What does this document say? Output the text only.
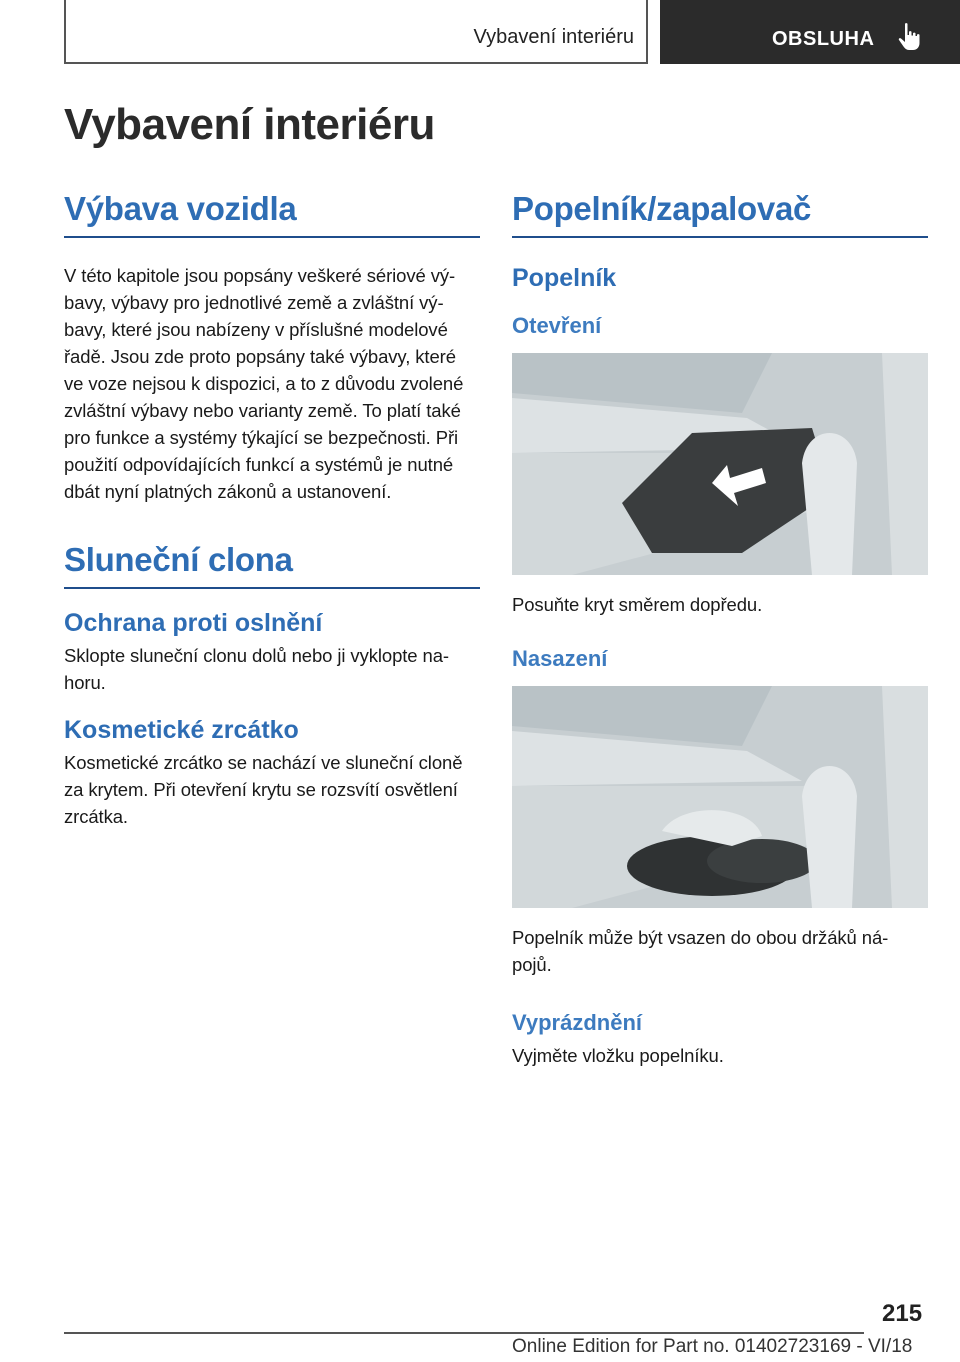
Vybavení interiéru	OBSLUHA
Vybavení interiéru
Výbava vozidla

V této kapitole jsou popsány veškeré sériové vý- bavy, výbavy pro jednotlivé země a zvláštní vý- bavy, které jsou nabízeny v příslušné modelové řadě. Jsou zde proto popsány také výbavy, které ve voze nejsou k dispozici, a to z důvodu zvolené zvláštní výbavy nebo varianty země. To platí také pro funkce a systémy týkající se bezpečnosti. Při použití odpovídajících funkcí a systémů je nutné dbát nyní platných zákonů a ustanovení.

Sluneční clona
Ochrana proti oslnění

Sklopte sluneční clonu dolů nebo ji vyklopte na- horu.

Kosmetické zrcátko

Kosmetické zrcátko se nachází ve sluneční cloně za krytem. Při otevření krytu se rozsvítí osvětlení zrcátka.

Popelník/zapalovač
Popelník
Otevření

Posuňte kryt směrem dopředu.

Nasazení

Popelník může být vsazen do obou držáků ná- pojů.

Vyprázdnění

Vyjměte vložku popelníku.

215
Online Edition for Part no. 01402723169 - VI/18
